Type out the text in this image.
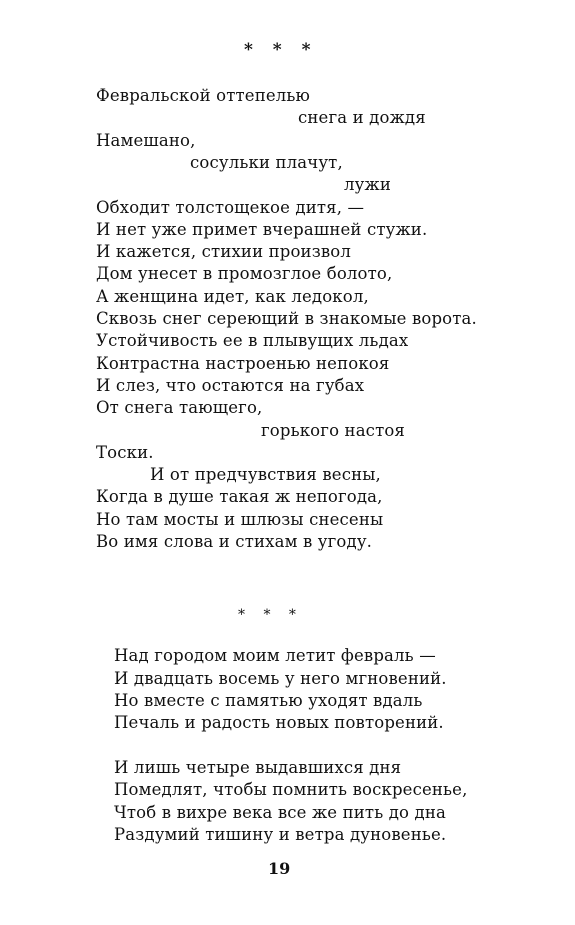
* * *
Февральской оттепелью
снега и дождя
Намешано,
сосульки плачут,
лужи
Обходит толстощекое дитя, —
И нет уже примет вчерашней стужи.
И кажется, стихии произвол
Дом унесет в промозглое болото,
А женщина идет, как ледокол,
Сквозь снег сереющий в знакомые ворота.
Устойчивость ее в плывущих льдах
Контрастна настроенью непокоя
И слез, что остаются на губах
От снега тающего,
горького настоя
Тоски.
И от предчувствия весны,
Когда в душе такая ж непогода,
Но там мосты и шлюзы снесены
Во имя слова и стихам в угоду.
* * *
Над городом моим летит февраль —
И двадцать восемь у него мгновений.
Но вместе с памятью уходят вдаль
Печаль и радость новых повторений.
И лишь четыре выдавшихся дня
Помедлят, чтобы помнить воскресенье,
Чтоб в вихре века все же пить до дна
Раздумий тишину и ветра дуновенье.
19
